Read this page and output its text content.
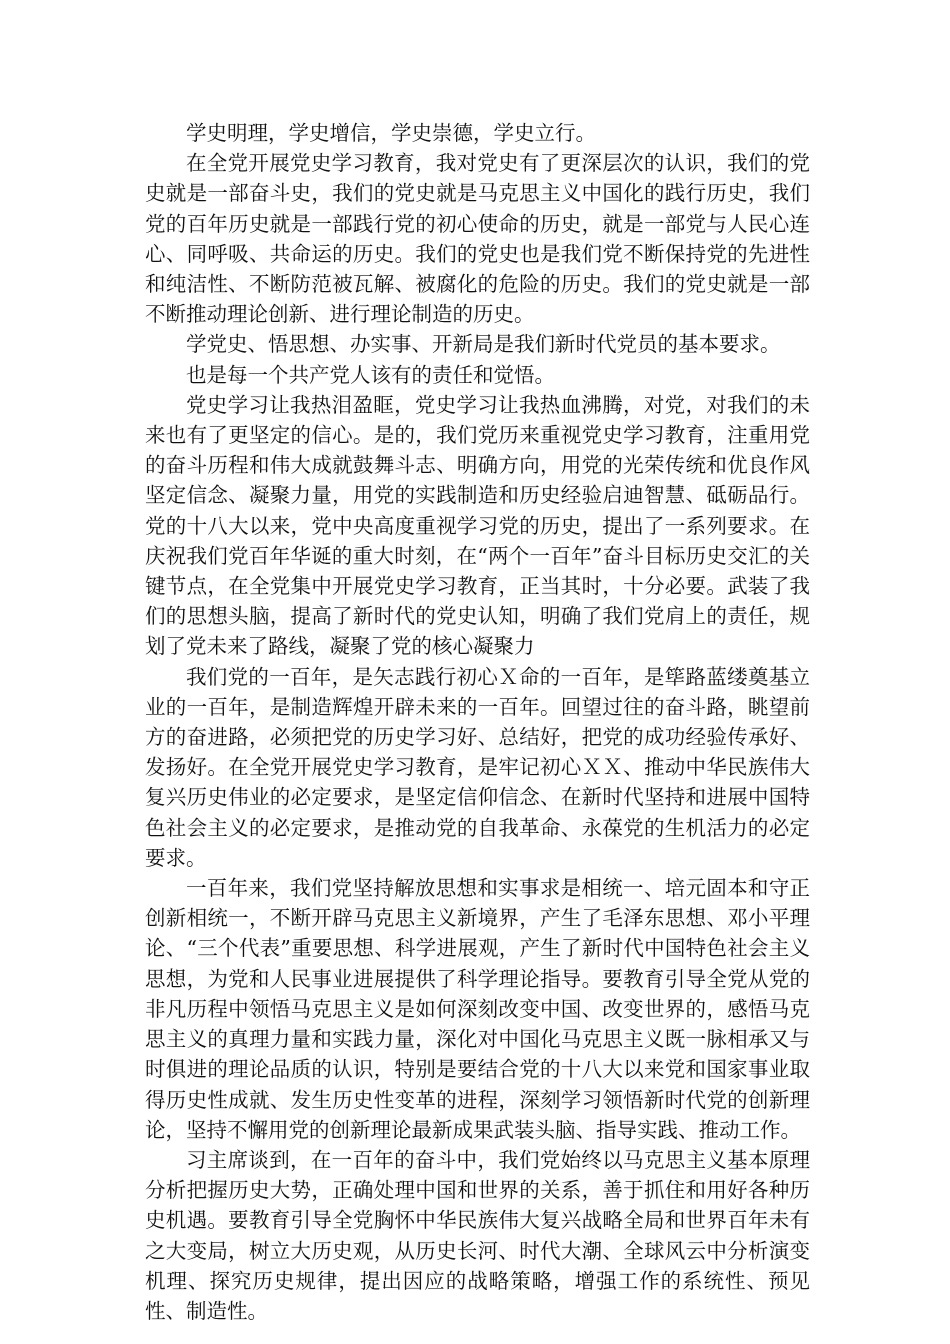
学史明理，学史增信，学史崇德，学史立行。

在全党开展党史学习教育，我对党史有了更深层次的认识，我们的党史就是一部奋斗史，我们的党史就是马克思主义中国化的践行历史，我们党的百年历史就是一部践行党的初心使命的历史，就是一部党与人民心连心、同呼吸、共命运的历史。我们的党史也是我们党不断保持党的先进性和纯洁性、不断防范被瓦解、被腐化的危险的历史。我们的党史就是一部不断推动理论创新、进行理论制造的历史。

学党史、悟思想、办实事、开新局是我们新时代党员的基本要求。

也是每一个共产党人该有的责任和觉悟。

党史学习让我热泪盈眶，党史学习让我热血沸腾，对党，对我们的未来也有了更坚定的信心。是的，我们党历来重视党史学习教育，注重用党的奋斗历程和伟大成就鼓舞斗志、明确方向，用党的光荣传统和优良作风坚定信念、凝聚力量，用党的实践制造和历史经验启迪智慧、砥砺品行。党的十八大以来，党中央高度重视学习党的历史，提出了一系列要求。在庆祝我们党百年华诞的重大时刻，在“两个一百年”奋斗目标历史交汇的关键节点，在全党集中开展党史学习教育，正当其时，十分必要。武装了我们的思想头脑，提高了新时代的党史认知，明确了我们党肩上的责任，规划了党未来了路线，凝聚了党的核心凝聚力

我们党的一百年，是矢志践行初心Ｘ命的一百年，是筚路蓝缕奠基立业的一百年，是制造辉煌开辟未来的一百年。回望过往的奋斗路，眺望前方的奋进路，必须把党的历史学习好、总结好，把党的成功经验传承好、发扬好。在全党开展党史学习教育，是牢记初心ＸＸ、推动中华民族伟大复兴历史伟业的必定要求，是坚定信仰信念、在新时代坚持和进展中国特色社会主义的必定要求，是推动党的自我革命、永葆党的生机活力的必定要求。

一百年来，我们党坚持解放思想和实事求是相统一、培元固本和守正创新相统一，不断开辟马克思主义新境界，产生了毛泽东思想、邓小平理论、“三个代表”重要思想、科学进展观，产生了新时代中国特色社会主义思想，为党和人民事业进展提供了科学理论指导。要教育引导全党从党的非凡历程中领悟马克思主义是如何深刻改变中国、改变世界的，感悟马克思主义的真理力量和实践力量，深化对中国化马克思主义既一脉相承又与时俱进的理论品质的认识，特别是要结合党的十八大以来党和国家事业取得历史性成就、发生历史性变革的进程，深刻学习领悟新时代党的创新理论，坚持不懈用党的创新理论最新成果武装头脑、指导实践、推动工作。

习主席谈到，在一百年的奋斗中，我们党始终以马克思主义基本原理分析把握历史大势，正确处理中国和世界的关系，善于抓住和用好各种历史机遇。要教育引导全党胸怀中华民族伟大复兴战略全局和世界百年未有之大变局，树立大历史观，从历史长河、时代大潮、全球风云中分析演变机理、探究历史规律，提出因应的战略策略，增强工作的系统性、预见性、制造性。
